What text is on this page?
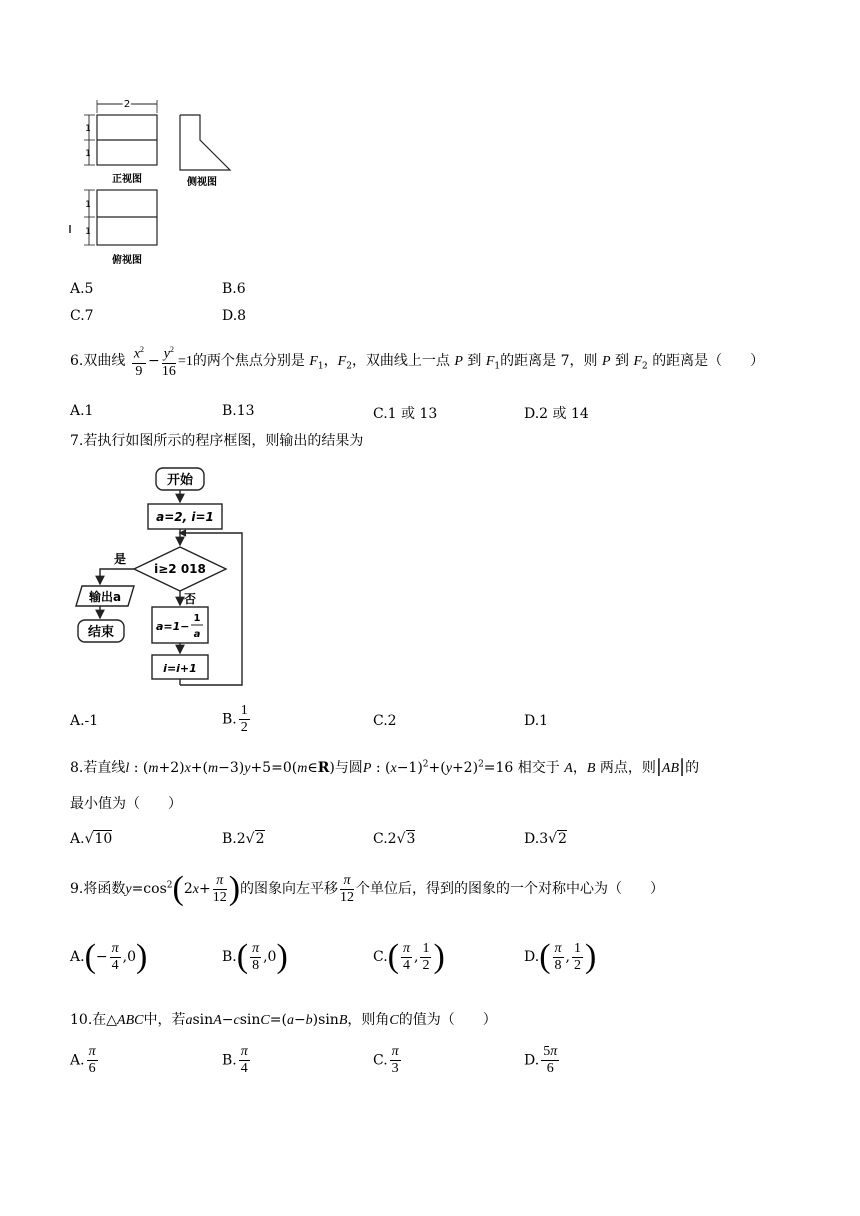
2
1
1
正视图	侧视图
1
1
俯视图
A.5	B.6
C.7	D.8
6.双曲线 $\frac{x^2}{9} - \frac{y^2}{16} =1$的两个焦点分别是 $F_1$，$F_2$，双曲线上一点 P 到 $F_1$的距离是 7，则 P 到 $F_2$ 的距离是（　　）
A.1	B.13	C.1 或 13	D.2 或 14
7.若执行如图所示的程序框图，则输出的结果为
开始
a=2, i=1
i≥2 018
是
否
输出a
结束	a=1−
1
a
i=i+1
A.-1	B. $\frac{1}{2}$	C.2	D.1
8.若直线l : (m+2)x+(m−3)y+5=0(m∈R)与圆P : $(x-1)^2+(y+2)^2=16$ 相交于 A，B 两点，则|AB|的
最小值为（　　）
A.√10	B.2√2	C.2√3	D.3√2
9.将函数$y=\cos^2(2x+ \frac{\pi}{12}$ )的图象向左平移 $\frac{\pi}{12}$ 个单位后，得到的图象的一个对称中心为（　　）
$A.(- \frac{\pi}{4} ,0)$	$B.( \frac{\pi}{8} ,0)$	$C.( \frac{\pi}{4}$ , $\frac{1}{2}$ )	$D.( \frac{\pi}{8}$ , $\frac{1}{2}$ )
10.在△ABC中，若asinA−csinC=(a−b)sinB，则角C的值为（　　）
A. $\frac{\pi}{6}$	B. $\frac{\pi}{4}$	C. $\frac{\pi}{3}$	D. $\frac{5\pi}{6}$
